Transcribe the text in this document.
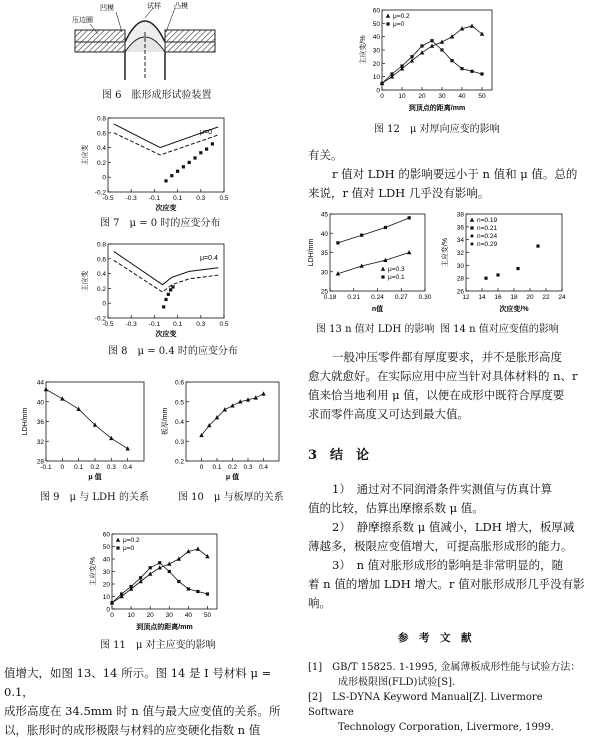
压边圈
凹模	试样 凸模
图 6　胀形成形试验装置
-0.2
0
0.2
0.4
0.6
0.8
-0.5 -0.3 -0.1 0.1 0.3 0.5
次应变
主应变
μ=0
图 7　μ = 0 时的应变分布
-0.2
0
0.2
0.4
0.6
0.8
-0.5 -0.3 -0.1 0.1 0.3 0.5
次应变
主应变
μ=0.4
图 8　μ = 0.4 时的应变分布
28
32
36
40
44
-0.1 0 0.1 0.2 0.3 0.4
μ 值
LDH/mm
图 9　μ 与 LDH 的关系
0.2
0.3
0.4
0.5
0.6
0 0.1 0.2 0.3 0.4
μ 值
板厚/mm
图 10　μ 与板厚的关系
0
10
20
30
40
50
60
0 10 20 30 40 50
到顶点的距离/mm
主应变/%
μ=0.2
μ=0
图 11　μ 对主应变的影响
值增大，如图 13、14 所示。图 14 是 I 号材料 μ = 0.1，
成形高度在 34.5mm 时 n 值与最大应变值的关系。所
以，胀形时的成形极限与材料的应变硬化指数 n 值
0
10
20
30
40
50
60
0 10 20 30 40 50
到顶点的距离/mm
主应变/%
μ=0.2
μ=0
图 12　μ 对厚向应变的影响
有关。
r 值对 LDH 的影响要远小于 n 值和 μ 值。总的
来说，r 值对 LDH 几乎没有影响。
25
30
35
40
45
0.18 0.21 0.24 0.27 0.30
n值
LDH/mm
μ=0.3
μ=0.1
26
28
30
32
34
36
38
12 14 16 18 20 22 24
次应变/%
主应变/%
n=0.19
n=0.21
n=0.24
n=0.29
图 13 n 值对 LDH 的影响 图 14 n 值对应变值的影响
一般冲压零件都有厚度要求，并不是胀形高度
愈大就愈好。在实际应用中应当针对具体材料的 n、r
值来恰当地利用 μ 值，以便在成形中既符合厚度要
求而零件高度又可达到最大值。
3　结　论
1）　通过对不同润滑条件实测值与仿真计算
值的比较，估算出摩擦系数 μ 值。
2）　静摩擦系数 μ 值减小，LDH 增大，板厚减
薄越多，极限应变值增大，可提高胀形成形的能力。
3）　n 值对胀形成形的影响是非常明显的，随
着 n 值的增加 LDH 增大。r 值对胀形成形几乎没有影
响。
参　考　文　献
[1]　GB/T 15825. 1-1995, 金属薄板成形性能与试验方法：
成形极限图(FLD)试验[S].
[2]　LS-DYNA Keyword Manual[Z]. Livermore Software
Technology Corporation, Livermore, 1999.
